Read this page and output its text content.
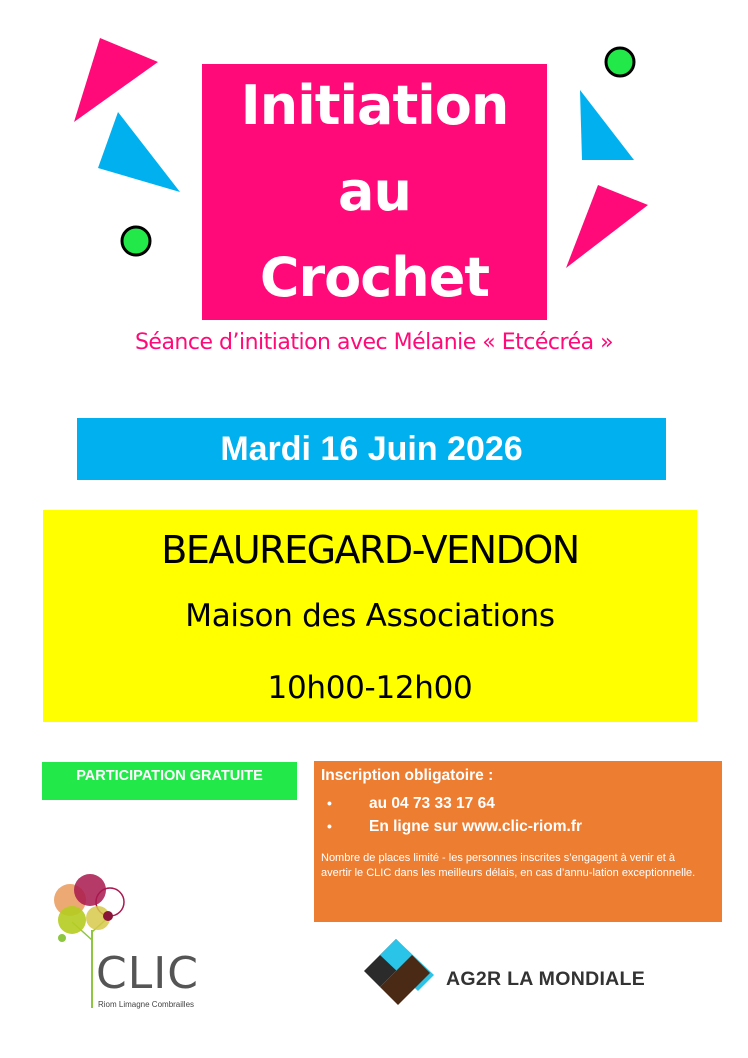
Initiation
au
Crochet
Séance d’initiation avec Mélanie « Etcécréa »
Mardi 16 Juin 2026
BEAUREGARD-VENDON
Maison des Associations
10h00-12h00
PARTICIPATION GRATUITE	Inscription obligatoire :
• au 04 73 33 17 64
• En ligne sur www.clic-riom.fr
Nombre de places limité - les personnes inscrites s’engagent à venir et à avertir le CLIC dans les meilleurs délais, en cas d’annu-lation exceptionnelle.
CLIC
Riom Limagne Combrailles
AG2R LA MONDIALE
